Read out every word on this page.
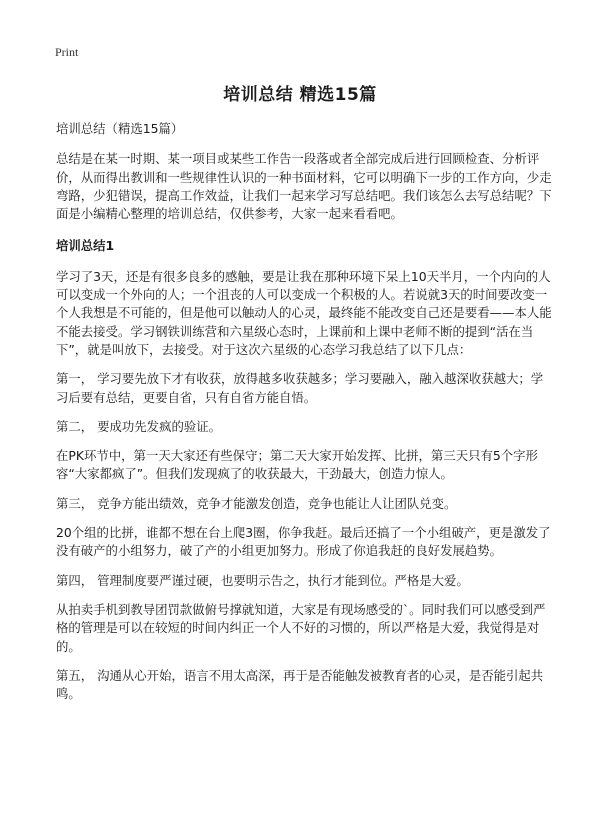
Print
培训总结 精选15篇

培训总结（精选15篇）

总结是在某一时期、某一项目或某些工作告一段落或者全部完成后进行回顾检查、分析评价，从而得出教训和一些规律性认识的一种书面材料，它可以明确下一步的工作方向，少走弯路，少犯错误，提高工作效益，让我们一起来学习写总结吧。我们该怎么去写总结呢？下面是小编精心整理的培训总结，仅供参考，大家一起来看看吧。

培训总结1

学习了3天，还是有很多良多的感触，要是让我在那种环境下呆上10天半月，一个内向的人可以变成一个外向的人；一个沮丧的人可以变成一个积极的人。若说就3天的时间要改变一个人我想是不可能的，但是他可以触动人的心灵，最终能不能改变自己还是要看——本人能不能去接受。学习钢铁训练营和六星级心态时，上课前和上课中老师不断的提到“活在当下”，就是叫放下，去接受。对于这次六星级的心态学习我总结了以下几点：

第一， 学习要先放下才有收获，放得越多收获越多；学习要融入，融入越深收获越大；学习后要有总结，更要自省，只有自省方能自悟。

第二， 要成功先发疯的验证。

在PK环节中，第一天大家还有些保守；第二天大家开始发挥、比拼，第三天只有5个字形容“大家都疯了”。但我们发现疯了的收获最大，干劲最大，创造力惊人。

第三， 竞争方能出绩效，竞争才能激发创造，竞争也能让人让团队兑变。

20个组的比拼，谁都不想在台上爬3圈，你争我赶。最后还搞了一个小组破产，更是激发了没有破产的小组努力，破了产的小组更加努力。形成了你追我赶的良好发展趋势。

第四， 管理制度要严谨过硬，也要明示告之，执行才能到位。严格是大爱。

从拍卖手机到教导团罚款做俯号撑就知道，大家是有现场感受的`。同时我们可以感受到严格的管理是可以在较短的时间内纠正一个人不好的习惯的，所以严格是大爱，我觉得是对的。

第五， 沟通从心开始，语言不用太高深，再于是否能触发被教育者的心灵，是否能引起共鸣。
